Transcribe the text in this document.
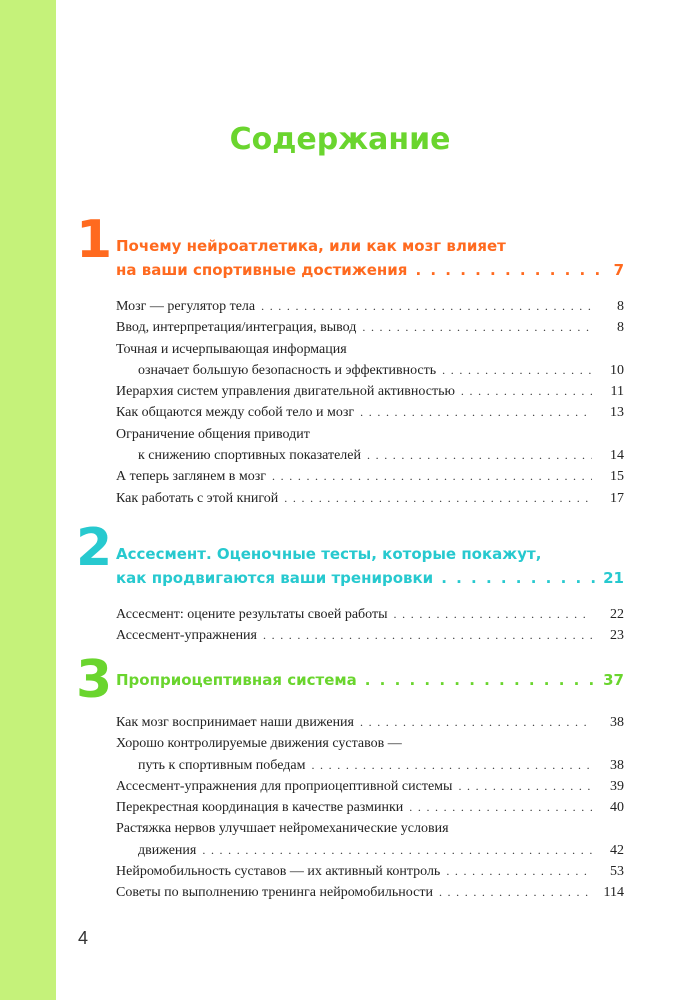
Содержание
1 Почему нейроатлетика, или как мозг влияет
на ваши спортивные достижения . . .	7
Мозг — регулятор тела . . .	8
Ввод, интерпретация/интеграция, вывод . . .	8
Точная и исчерпывающая информация
означает большую безопасность и эффективность . . .	10
Иерархия систем управления двигательной активностью . . .	11
Как общаются между собой тело и мозг . . .	13
Ограничение общения приводит
к снижению спортивных показателей . . .	14
А теперь заглянем в мозг . . .	15
Как работать с этой книгой . . .	17
2 Ассесмент. Оценочные тесты, которые покажут,
как продвигаются ваши тренировки . . .	21
Ассесмент: оцените результаты своей работы . . .	22
Ассесмент-упражнения . . .	23
3 Проприоцептивная система . . .	37
Как мозг воспринимает наши движения . . .	38
Хорошо контролируемые движения суставов —
путь к спортивным победам . . .	38
Ассесмент-упражнения для проприоцептивной системы . . .	39
Перекрестная координация в качестве разминки . . .	40
Растяжка нервов улучшает нейромеханические условия
движения . . .	42
Нейромобильность суставов — их активный контроль . . .	53
Советы по выполнению тренинга нейромобильности . . .	114
4
